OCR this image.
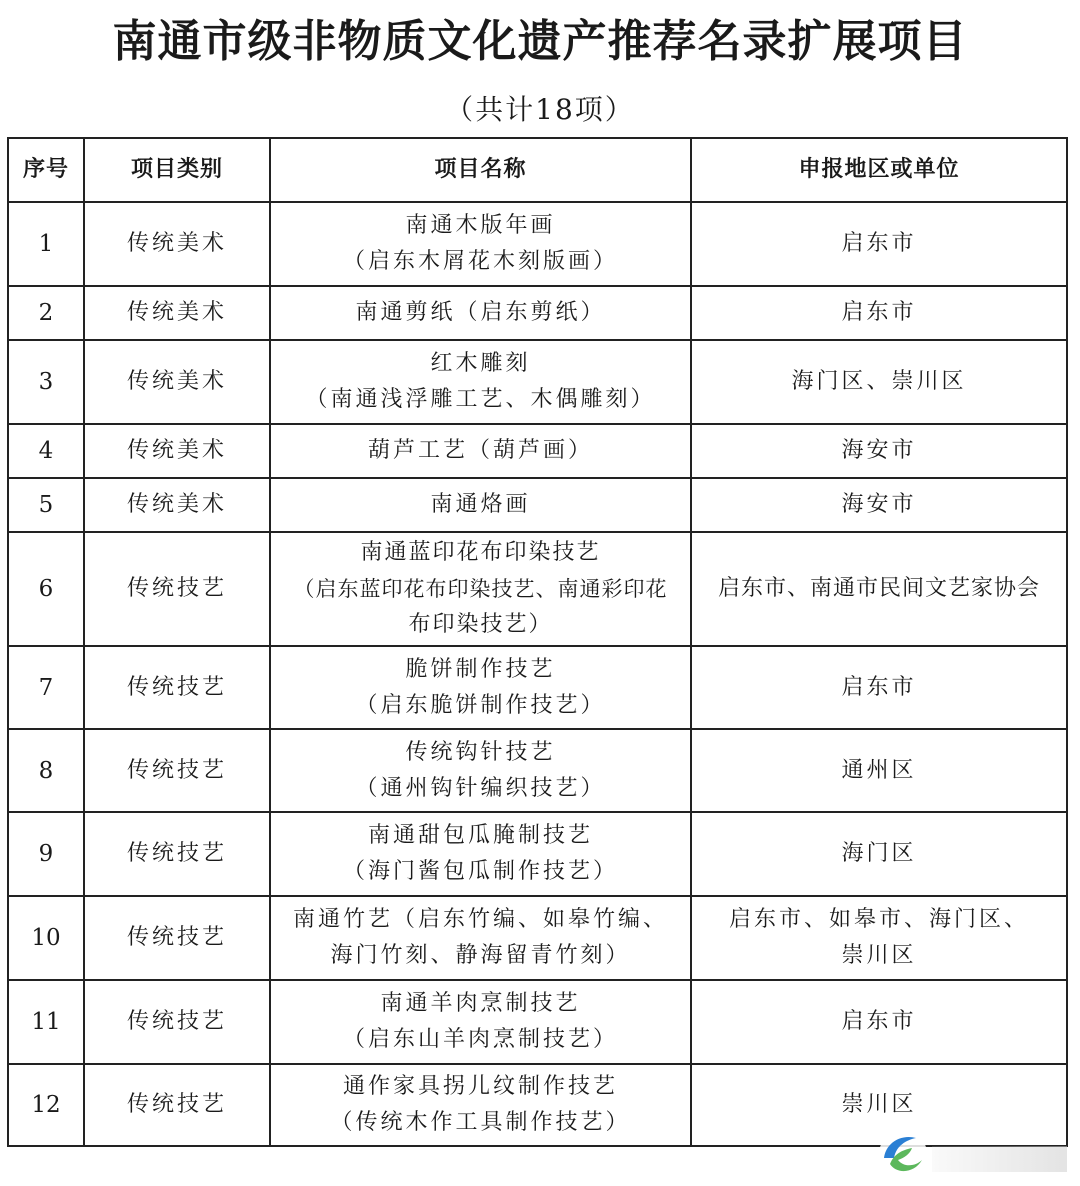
南通市级非物质文化遗产推荐名录扩展项目
（共计18项）
序号	项目类别	项目名称	申报地区或单位
1	传统美术	南通木版年画
（启东木屑花木刻版画）	启东市

2	传统美术	南通剪纸（启东剪纸）	启东市

3	传统美术	红木雕刻
（南通浅浮雕工艺、木偶雕刻）	海门区、崇川区

4	传统美术	葫芦工艺（葫芦画）	海安市

5	传统美术	南通烙画	海安市

6	传统技艺	南通蓝印花布印染技艺
（启东蓝印花布印染技艺、南通彩印花
布印染技艺）	启东市、南通市民间文艺家协会

7	传统技艺	脆饼制作技艺
（启东脆饼制作技艺）	启东市

8	传统技艺	传统钩针技艺
（通州钩针编织技艺）	通州区

9	传统技艺	南通甜包瓜腌制技艺
（海门酱包瓜制作技艺）	海门区

10	传统技艺	南通竹艺（启东竹编、如皋竹编、
海门竹刻、静海留青竹刻）	启东市、如皋市、海门区、
崇川区

11	传统技艺	南通羊肉烹制技艺
（启东山羊肉烹制技艺）	启东市

12	传统技艺	通作家具拐儿纹制作技艺
（传统木作工具制作技艺）	崇川区
